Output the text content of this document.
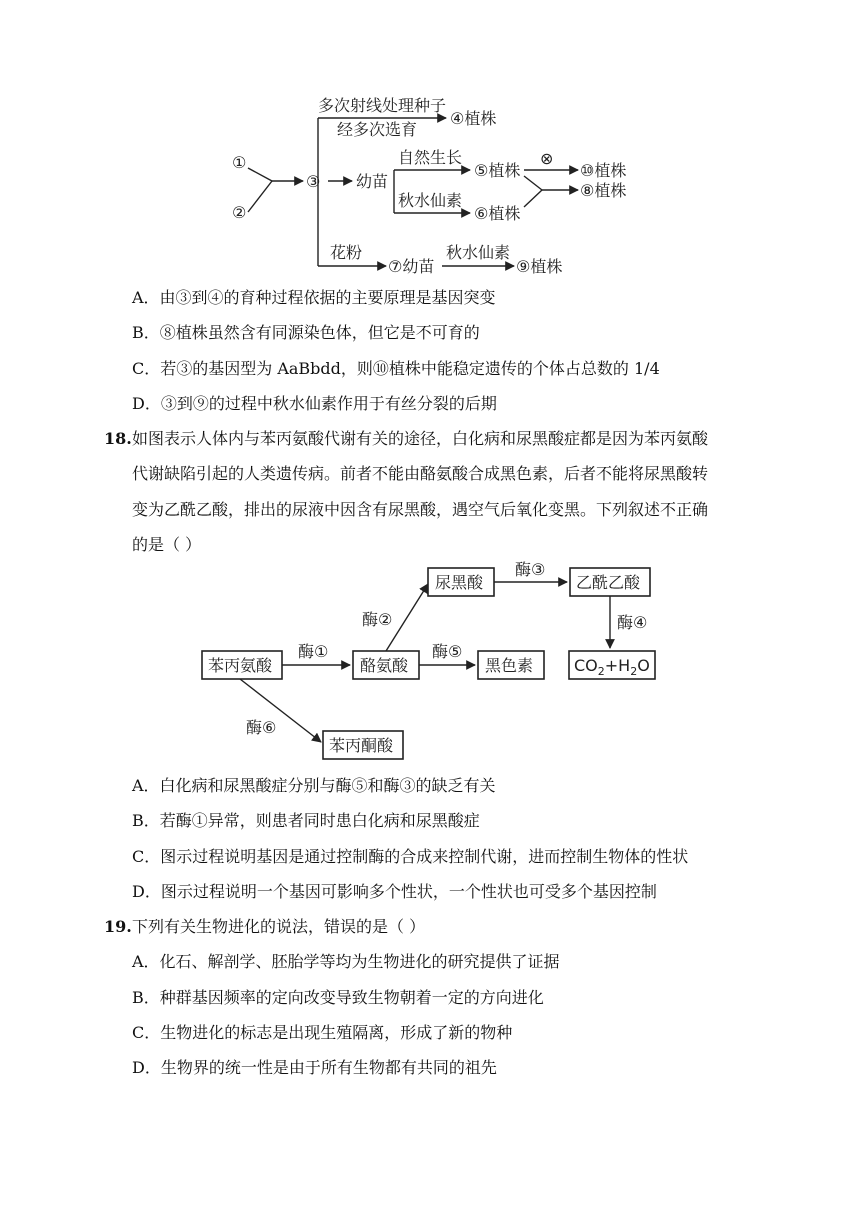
①
②
③
多次射线处理种子
经多次选育
④植株
幼苗
自然生长
⑤植株
秋水仙素
⑥植株
⊗
⑩植株
⑧植株
花粉
⑦幼苗
秋水仙素
⑨植株
A．由③到④的育种过程依据的主要原理是基因突变
B．⑧植株虽然含有同源染色体，但它是不可育的
C．若③的基因型为 AaBbdd，则⑩植株中能稳定遗传的个体占总数的 1/4
D．③到⑨的过程中秋水仙素作用于有丝分裂的后期
18. 如图表示人体内与苯丙氨酸代谢有关的途径，白化病和尿黑酸症都是因为苯丙氨酸
代谢缺陷引起的人类遗传病。前者不能由酪氨酸合成黑色素，后者不能将尿黑酸转
变为乙酰乙酸，排出的尿液中因含有尿黑酸，遇空气后氧化变黑。下列叙述不正确
的是（ ）
苯丙氨酸	酪氨酸
尿黑酸	乙酰乙酸
黑色素	$CO_2+H_2O$
苯丙酮酸
酶①
酶②
酶③
酶④
酶⑤
酶⑥
A．白化病和尿黑酸症分别与酶⑤和酶③的缺乏有关
B．若酶①异常，则患者同时患白化病和尿黑酸症
C．图示过程说明基因是通过控制酶的合成来控制代谢，进而控制生物体的性状
D．图示过程说明一个基因可影响多个性状，一个性状也可受多个基因控制
19. 下列有关生物进化的说法，错误的是（ ）
A．化石、解剖学、胚胎学等均为生物进化的研究提供了证据
B．种群基因频率的定向改变导致生物朝着一定的方向进化
C．生物进化的标志是出现生殖隔离，形成了新的物种
D．生物界的统一性是由于所有生物都有共同的祖先
